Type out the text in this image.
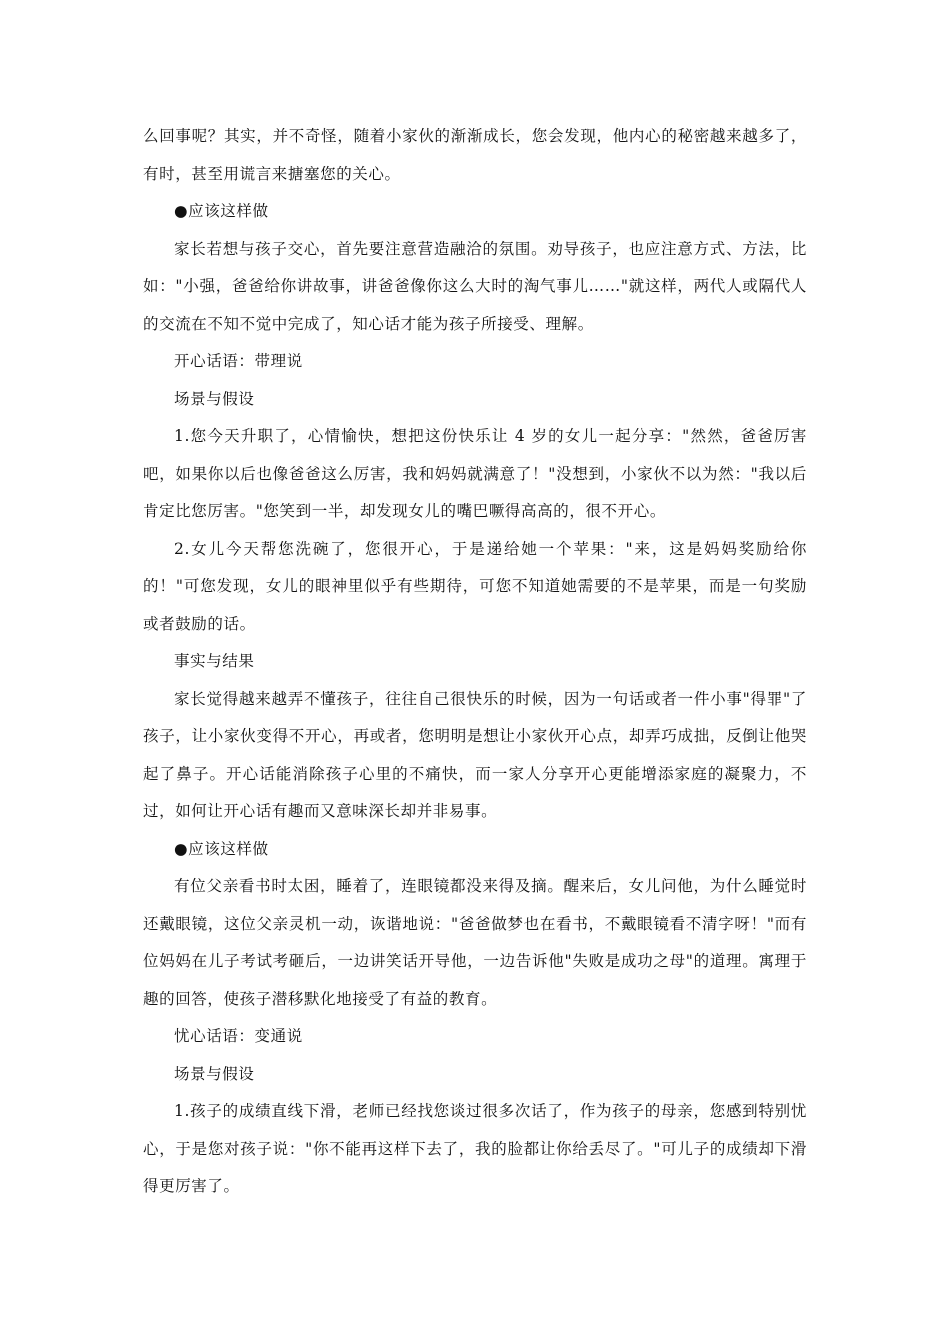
么回事呢？其实，并不奇怪，随着小家伙的渐渐成长，您会发现，他内心的秘密越来越多了，有时，甚至用谎言来搪塞您的关心。

●应该这样做

家长若想与孩子交心，首先要注意营造融洽的氛围。劝导孩子，也应注意方式、方法，比如："小强，爸爸给你讲故事，讲爸爸像你这么大时的淘气事儿……"就这样，两代人或隔代人的交流在不知不觉中完成了，知心话才能为孩子所接受、理解。

开心话语：带理说

场景与假设

1.您今天升职了，心情愉快，想把这份快乐让 4 岁的女儿一起分享："然然，爸爸厉害吧，如果你以后也像爸爸这么厉害，我和妈妈就满意了！"没想到，小家伙不以为然："我以后肯定比您厉害。"您笑到一半，却发现女儿的嘴巴噘得高高的，很不开心。

2.女儿今天帮您洗碗了，您很开心，于是递给她一个苹果："来，这是妈妈奖励给你的！"可您发现，女儿的眼神里似乎有些期待，可您不知道她需要的不是苹果，而是一句奖励或者鼓励的话。

事实与结果

家长觉得越来越弄不懂孩子，往往自己很快乐的时候，因为一句话或者一件小事"得罪"了孩子，让小家伙变得不开心，再或者，您明明是想让小家伙开心点，却弄巧成拙，反倒让他哭起了鼻子。开心话能消除孩子心里的不痛快，而一家人分享开心更能增添家庭的凝聚力，不过，如何让开心话有趣而又意味深长却并非易事。

●应该这样做

有位父亲看书时太困，睡着了，连眼镜都没来得及摘。醒来后，女儿问他，为什么睡觉时还戴眼镜，这位父亲灵机一动，诙谐地说："爸爸做梦也在看书，不戴眼镜看不清字呀！"而有位妈妈在儿子考试考砸后，一边讲笑话开导他，一边告诉他"失败是成功之母"的道理。寓理于趣的回答，使孩子潜移默化地接受了有益的教育。

忧心话语：变通说

场景与假设

1.孩子的成绩直线下滑，老师已经找您谈过很多次话了，作为孩子的母亲，您感到特别忧心，于是您对孩子说："你不能再这样下去了，我的脸都让你给丢尽了。"可儿子的成绩却下滑得更厉害了。
